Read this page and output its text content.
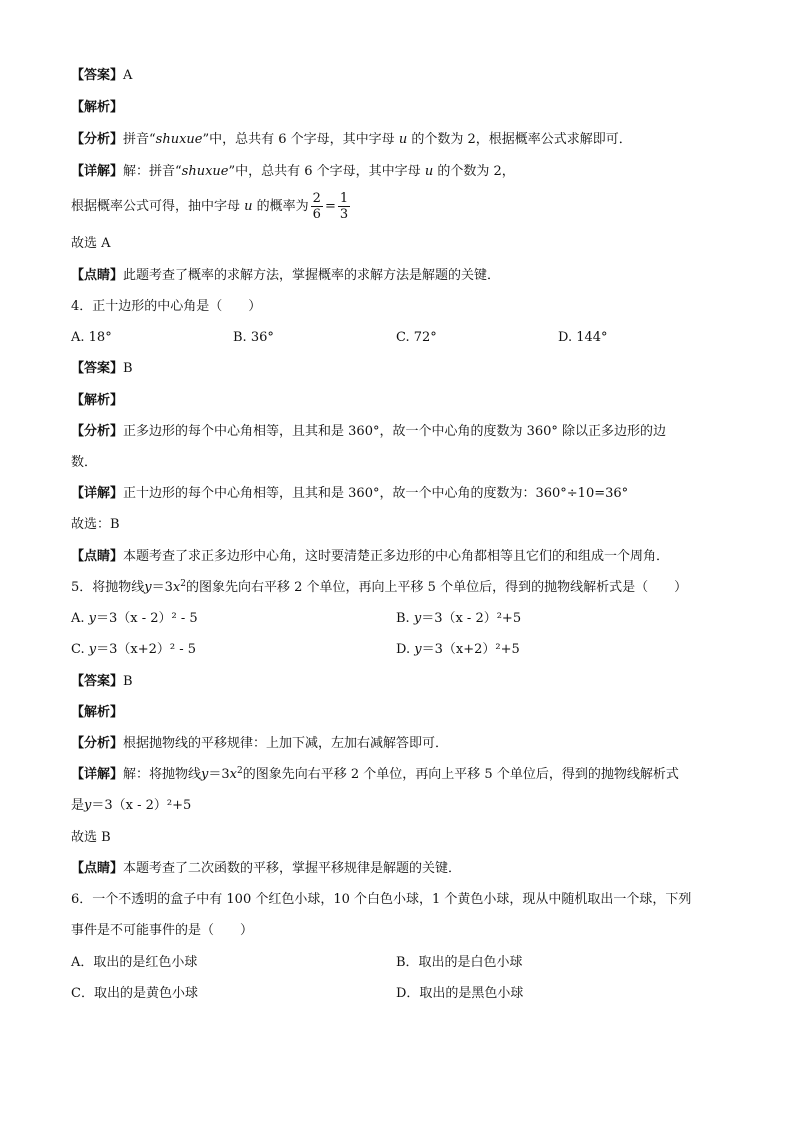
【答案】A
【解析】
【分析】拼音“shuxue”中，总共有 6 个字母，其中字母 u 的个数为 2，根据概率公式求解即可．
【详解】解：拼音“shuxue”中，总共有 6 个字母，其中字母 u 的个数为 2，
根据概率公式可得，抽中字母 u 的概率为 $\frac{2}{6} = \frac{1}{3}$
故选 A
【点睛】此题考查了概率的求解方法，掌握概率的求解方法是解题的关键．
4．正十边形的中心角是（　　）
A. 18°	B. 36°	C. 72°	D. 144°
【答案】B
【解析】
【分析】正多边形的每个中心角相等，且其和是 360°，故一个中心角的度数为 360° 除以正多边形的边
数．
【详解】正十边形的每个中心角相等，且其和是 360°，故一个中心角的度数为：360°÷10=36°
故选：B
【点睛】本题考查了求正多边形中心角，这时要清楚正多边形的中心角都相等且它们的和组成一个周角．
5．将抛物线$y=3x^2$的图象先向右平移 2 个单位，再向上平移 5 个单位后，得到的抛物线解析式是（　　）
A. y＝3（x - 2）² - 5	B. y＝3（x - 2）²+5
C. y＝3（x+2）² - 5	D. y＝3（x+2）²+5
【答案】B
【解析】
【分析】根据抛物线的平移规律：上加下减，左加右减解答即可．
【详解】解：将抛物线$y=3x^2$的图象先向右平移 2 个单位，再向上平移 5 个单位后，得到的抛物线解析式
是y＝3（x - 2）²+5
故选 B
【点睛】本题考查了二次函数的平移，掌握平移规律是解题的关键．
6．一个不透明的盒子中有 100 个红色小球，10 个白色小球，1 个黄色小球，现从中随机取出一个球，下列
事件是不可能事件的是（　　）
A．取出的是红色小球	B．取出的是白色小球
C．取出的是黄色小球	D．取出的是黑色小球
